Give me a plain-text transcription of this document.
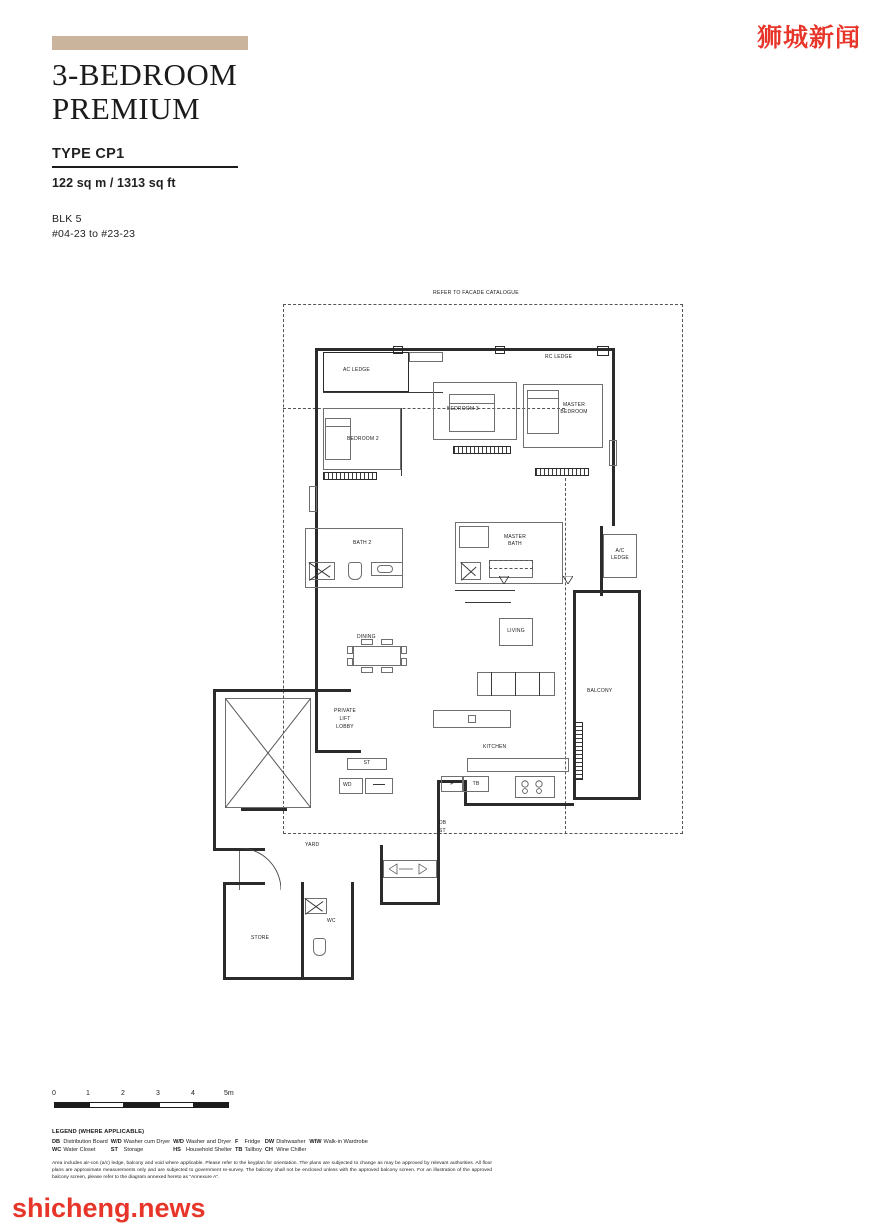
狮城新闻
shicheng.news
3-BEDROOM
PREMIUM
TYPE CP1
122 sq m / 1313 sq ft
BLK 5
#04-23 to #23-23
REFER TO FACADE CATALOGUE
AC LEDGE
RC LEDGE
BEDROOM 3
MASTER
BEDROOM
BEDROOM 2
BATH 2
MASTER
BATH
A/C
LEDGE
DINING
LIVING
BALCONY
PRIVATE
LIFT
LOBBY
ST
WD
KITCHEN
F	TB
DB
ST
YARD
STORE
WC
0	1	2	3	4	5m
LEGEND (WHERE APPLICABLE)
DB	Distribution Board	W/D	Washer cum Dryer	W/D	Washer and Dryer	F	Fridge	DW	Dishwasher	WIW	Walk-in Wardrobe
WC	Water Closet	ST	Storage	HS	Household Shelter	TB	Tallboy	CH	Wine Chiller		
Area includes air-con (a/c) ledge, balcony and void where applicable. Please refer to the keyplan for orientation. The plans are subjected to change as may be approved by relevant authorities. All floor plans are approximate measurements only and are subjected to government re-survey. The balcony shall not be enclosed unless with the approved balcony screen. For an illustration of the approved balcony screen, please refer to the diagram annexed hereto as "Annexure A".
